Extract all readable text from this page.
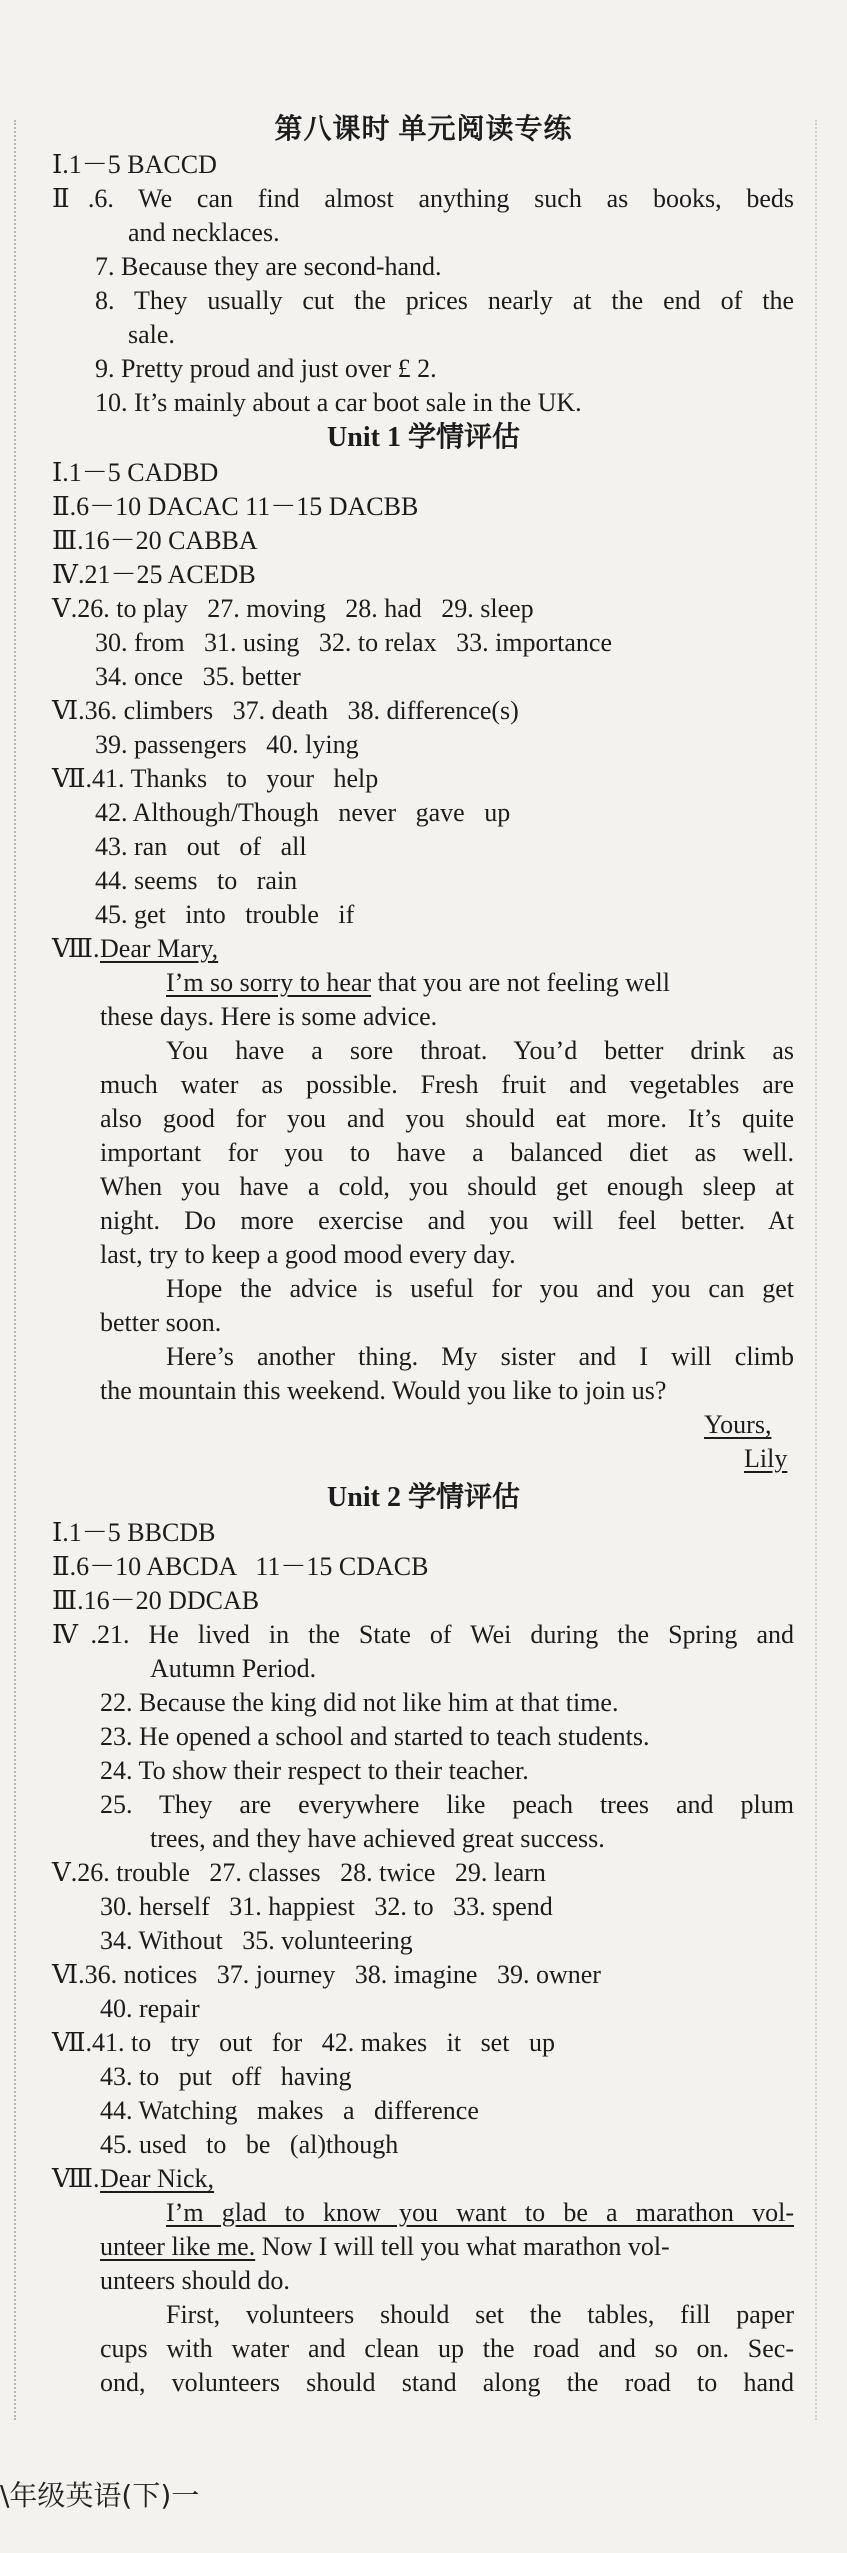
第八课时 单元阅读专练
Ⅰ.1－5 BACCD
Ⅱ.6. We can find almost anything such as books, beds
and necklaces.
7. Because they are second-hand.
8. They usually cut the prices nearly at the end of the
sale.
9. Pretty proud and just over £ 2.
10. It’s mainly about a car boot sale in the UK.
Unit 1 学情评估
Ⅰ.1－5 CADBD
Ⅱ.6－10 DACAC 11－15 DACBB
Ⅲ.16－20 CABBA
Ⅳ.21－25 ACEDB
Ⅴ.26. to play   27. moving   28. had   29. sleep
30. from   31. using   32. to relax   33. importance
34. once   35. better
Ⅵ.36. climbers   37. death   38. difference(s)
39. passengers   40. lying
Ⅶ.41. Thanks   to   your   help
42. Although/Though   never   gave   up
43. ran   out   of   all
44. seems   to   rain
45. get   into   trouble   if
Ⅷ. Dear Mary,
I’m so sorry to hear that you are not feeling well
these days. Here is some advice.
You have a sore throat. You’d better drink as
much water as possible. Fresh fruit and vegetables are
also good for you and you should eat more. It’s quite
important for you to have a balanced diet as well.
When you have a cold, you should get enough sleep at
night. Do more exercise and you will feel better. At
last, try to keep a good mood every day.
Hope the advice is useful for you and you can get
better soon.
Here’s another thing. My sister and I will climb
the mountain this weekend. Would you like to join us?
Yours,
Lily
Unit 2 学情评估
Ⅰ.1－5 BBCDB
Ⅱ.6－10 ABCDA   11－15 CDACB
Ⅲ.16－20 DDCAB
Ⅳ.21. He lived in the State of Wei during the Spring and
Autumn Period.
22. Because the king did not like him at that time.
23. He opened a school and started to teach students.
24. To show their respect to their teacher.
25. They are everywhere like peach trees and plum
trees, and they have achieved great success.
Ⅴ.26. trouble   27. classes   28. twice   29. learn
30. herself   31. happiest   32. to   33. spend
34. Without   35. volunteering
Ⅵ.36. notices   37. journey   38. imagine   39. owner
40. repair
Ⅶ.41. to   try   out   for   42. makes   it   set   up
43. to   put   off   having
44. Watching   makes   a   difference
45. used   to   be   (al)though
Ⅷ. Dear Nick,
I’m glad to know you want to be a marathon vol-
unteer like me. Now I will tell you what marathon vol-
unteers should do.
First, volunteers should set the tables, fill paper
cups with water and clean up the road and so on. Sec-
ond, volunteers should stand along the road to hand
\年级英语(下)一
